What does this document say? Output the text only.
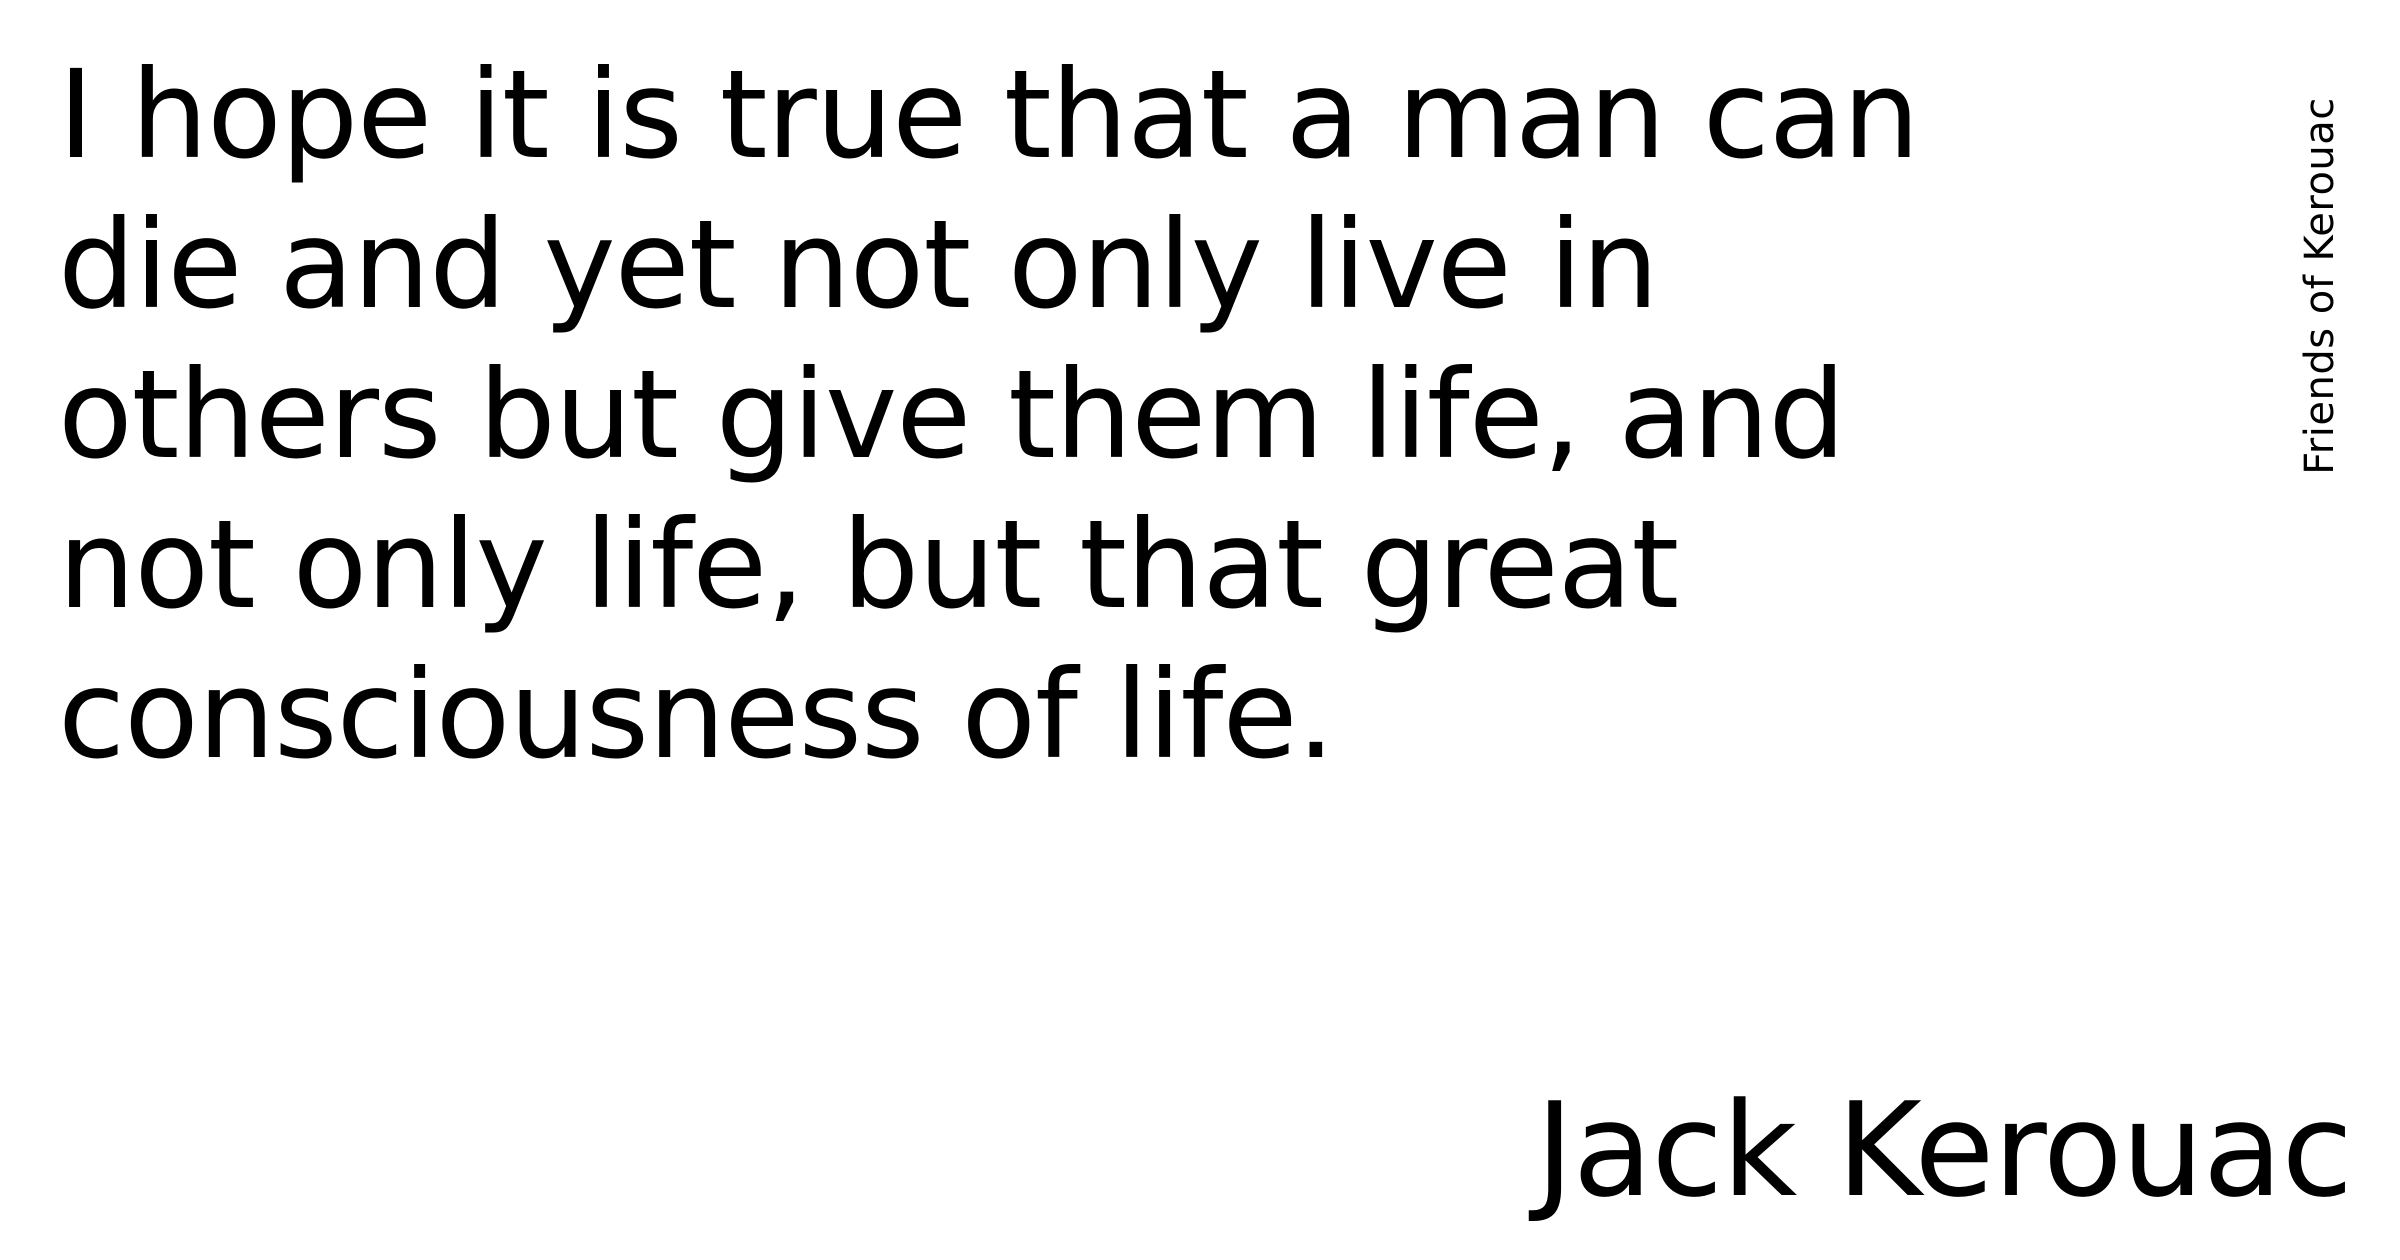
I hope it is true that a man can
die and yet not only live in
others but give them life, and
not only life, but that great
consciousness of life.

Friends of Kerouac

Jack Kerouac
